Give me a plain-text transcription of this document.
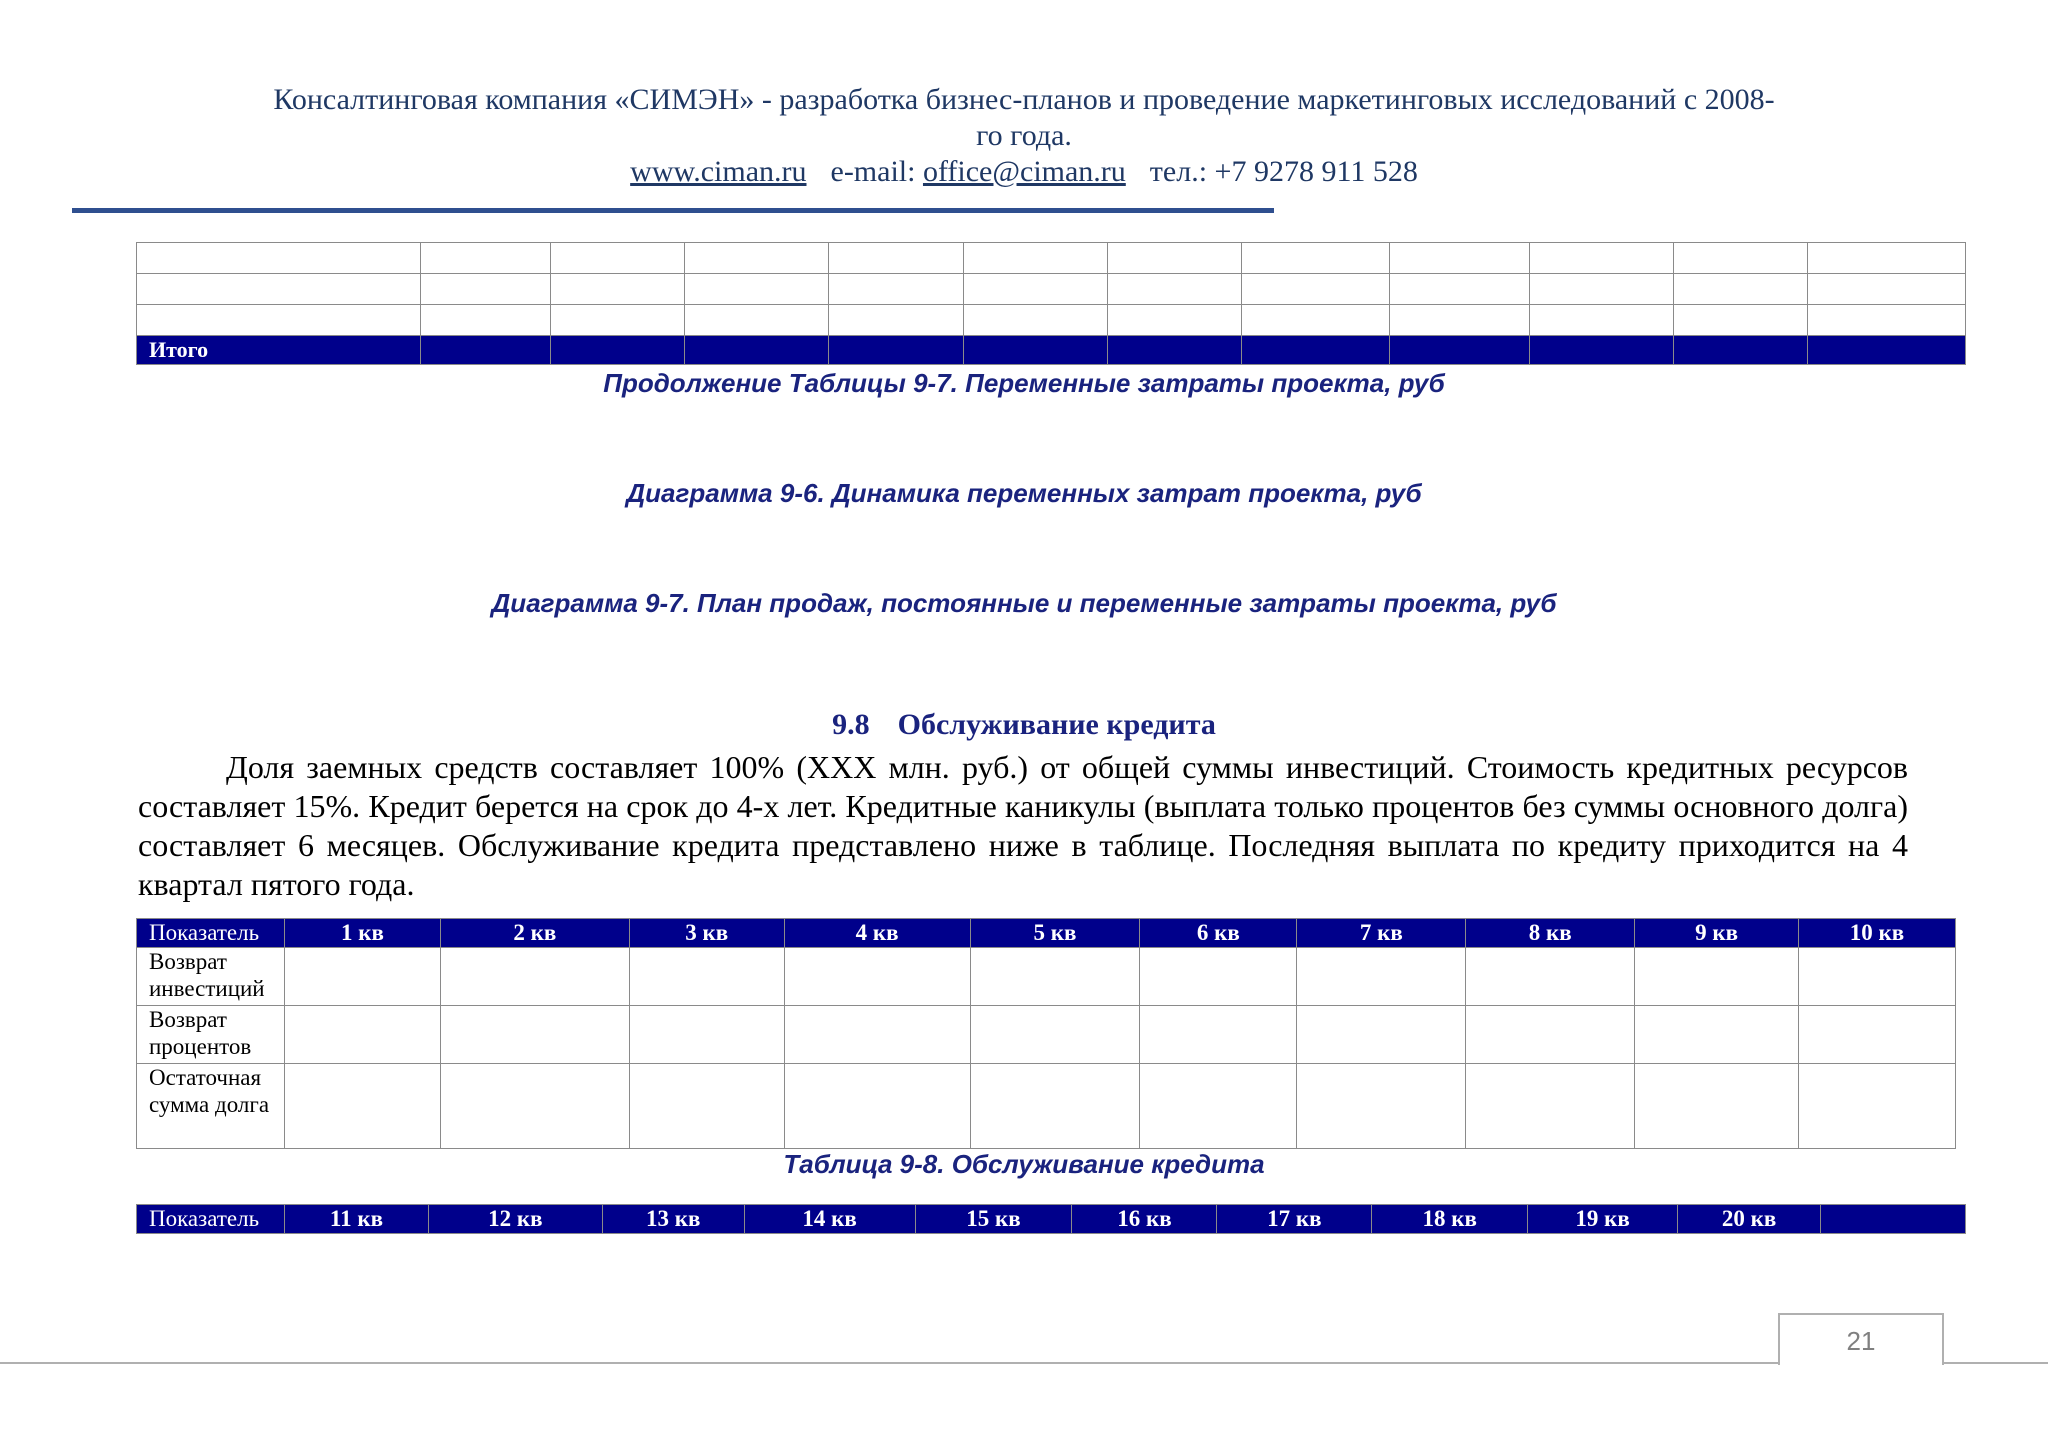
Консалтинговая компания «СИМЭН» - разработка бизнес-планов и проведение маркетинговых исследований с 2008-
го года.
www.ciman.ru e-mail: office@ciman.ru тел.: +7 9278 911 528

Итого											
Продолжение Таблицы 9-7. Переменные затраты проекта, руб
Диаграмма 9-6. Динамика переменных затрат проекта, руб
Диаграмма 9-7. План продаж, постоянные и переменные затраты проекта, руб
9.8 Обслуживание кредита
Доля заемных средств составляет 100% (XXX млн. руб.) от общей суммы инвестиций. Стоимость кредитных ресурсов составляет 15%. Кредит берется на срок до 4-х лет. Кредитные каникулы (выплата только процентов без суммы основного долга) составляет 6 месяцев. Обслуживание кредита представлено ниже в таблице. Последняя выплата по кредиту приходится на 4 квартал пятого года.
Показатель	1 кв	2 кв	3 кв	4 кв	5 кв	6 кв	7 кв	8 кв	9 кв	10 кв
Возврат инвестиций										
Возврат процентов										
Остаточная сумма долга										
Таблица 9-8. Обслуживание кредита
Показатель	11 кв	12 кв	13 кв	14 кв	15 кв	16 кв	17 кв	18 кв	19 кв	20 кв	
21
